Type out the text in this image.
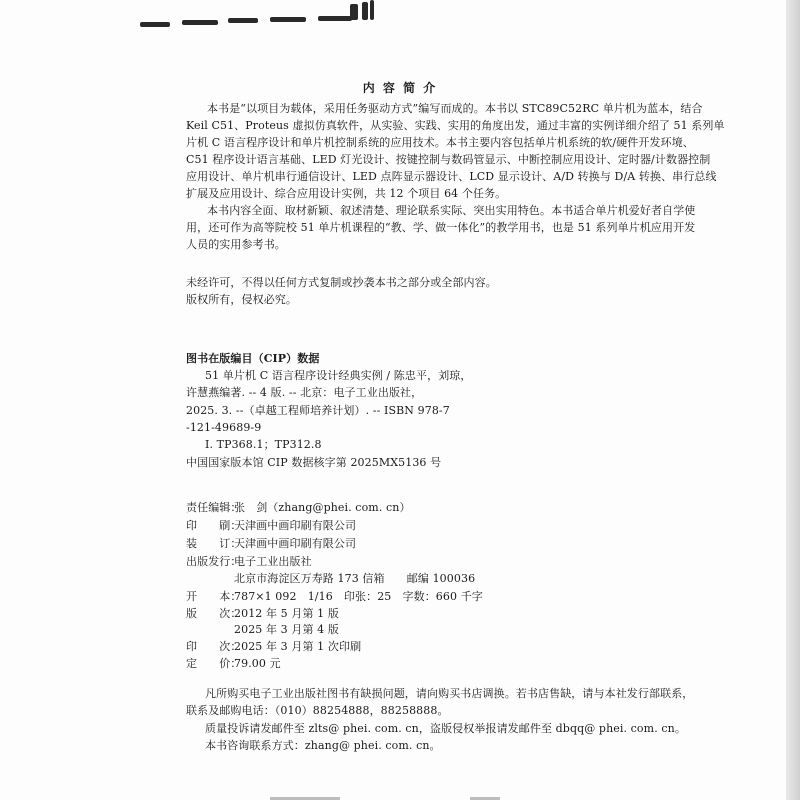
内 容 简 介
本书是“以项目为载体，采用任务驱动方式”编写而成的。本书以 STC89C52RC 单片机为蓝本，结合
Keil C51、Proteus 虚拟仿真软件，从实验、实践、实用的角度出发，通过丰富的实例详细介绍了 51 系列单
片机 C 语言程序设计和单片机控制系统的应用技术。本书主要内容包括单片机系统的软/硬件开发环境、
C51 程序设计语言基础、LED 灯光设计、按键控制与数码管显示、中断控制应用设计、定时器/计数器控制
应用设计、单片机串行通信设计、LED 点阵显示器设计、LCD 显示设计、A/D 转换与 D/A 转换、串行总线
扩展及应用设计、综合应用设计实例，共 12 个项目 64 个任务。
本书内容全面、取材新颖、叙述清楚、理论联系实际、突出实用特色。本书适合单片机爱好者自学使
用，还可作为高等院校 51 单片机课程的“教、学、做一体化”的教学用书，也是 51 系列单片机应用开发
人员的实用参考书。
未经许可，不得以任何方式复制或抄袭本书之部分或全部内容。
版权所有，侵权必究。
图书在版编目（CIP）数据
51 单片机 C 语言程序设计经典实例 / 陈忠平，刘琼，
许慧燕编著. -- 4 版. -- 北京：电子工业出版社，
2025. 3. --（卓越工程师培养计划）. -- ISBN 978-7
-121-49689-9
Ⅰ. TP368.1；TP312.8
中国国家版本馆 CIP 数据核字第 2025MX5136 号
责任编辑：张　剑（zhang@phei. com. cn）
印　　刷：天津画中画印刷有限公司
装　　订：天津画中画印刷有限公司
出版发行：电子工业出版社
北京市海淀区万寿路 173 信箱　　邮编 100036
开　　本：787×1 092　1/16　印张：25　字数：660 千字
版　　次：2012 年 5 月第 1 版
2025 年 3 月第 4 版
印　　次：2025 年 3 月第 1 次印刷
定　　价：79.00 元
凡所购买电子工业出版社图书有缺损问题，请向购买书店调换。若书店售缺，请与本社发行部联系，
联系及邮购电话：（010）88254888，88258888。
质量投诉请发邮件至 zlts@ phei. com. cn，盗版侵权举报请发邮件至 dbqq@ phei. com. cn。
本书咨询联系方式：zhang@ phei. com. cn。
